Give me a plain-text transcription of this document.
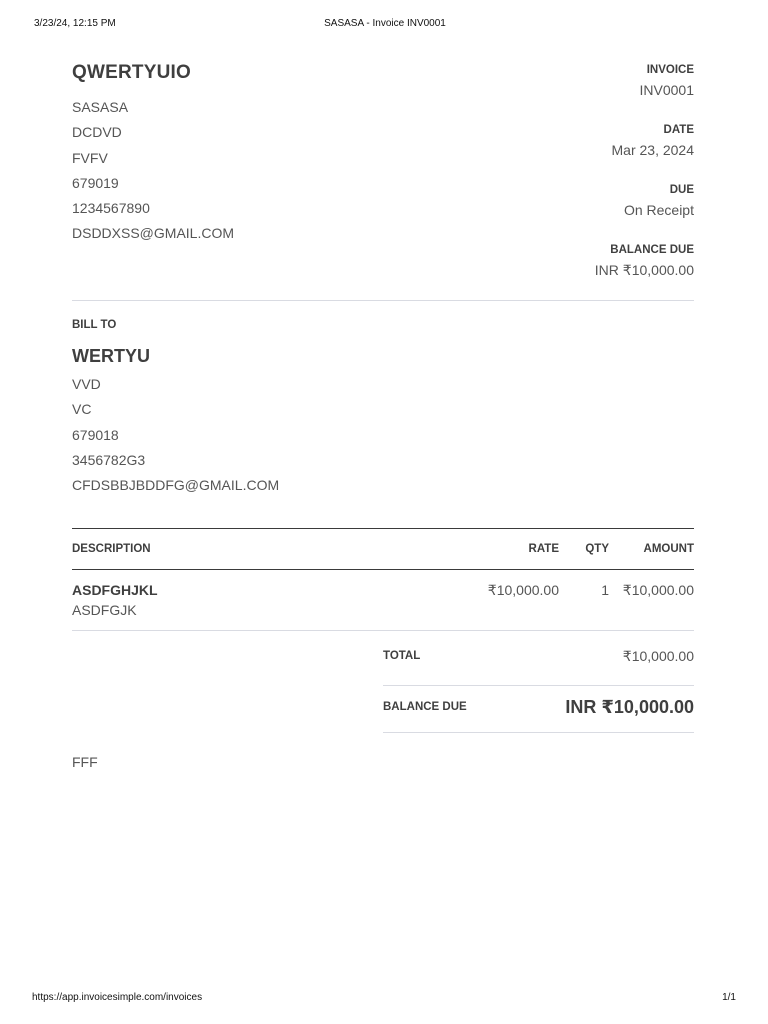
3/23/24, 12:15 PM	SASASA - Invoice INV0001
QWERTYUIO
SASASA
DCDVD
FVFV
679019
1234567890
DSDDXSS@GMAIL.COM
INVOICE
INV0001
DATE
Mar 23, 2024
DUE
On Receipt
BALANCE DUE
INR ₹10,000.00
BILL TO
WERTYU
VVD
VC
679018
3456782G3
CFDSBBJBDDFG@GMAIL.COM
DESCRIPTION	RATE QTY	AMOUNT
ASDFGHJKL
ASDFGJK
₹10,000.00	1 ₹10,000.00
TOTAL	₹10,000.00
BALANCE DUE	INR ₹10,000.00
FFF
https://app.invoicesimple.com/invoices	1/1
